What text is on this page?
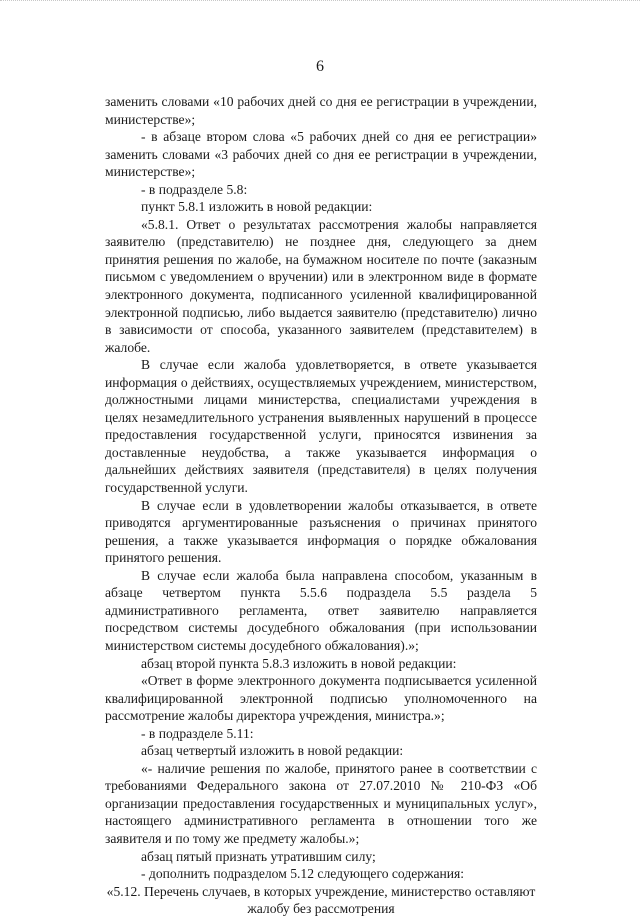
6

заменить словами «10 рабочих дней со дня ее регистрации в учреждении, министерстве»;

- в абзаце втором слова «5 рабочих дней со дня ее регистрации» заменить словами «3 рабочих дней со дня ее регистрации в учреждении, министерстве»;

- в подразделе 5.8:

пункт 5.8.1 изложить в новой редакции:

«5.8.1. Ответ о результатах рассмотрения жалобы направляется заявителю (представителю) не позднее дня, следующего за днем принятия решения по жалобе, на бумажном носителе по почте (заказным письмом с уведомлением о вручении) или в электронном виде в формате электронного документа, подписанного усиленной квалифицированной электронной подписью, либо выдается заявителю (представителю) лично в зависимости от способа, указанного заявителем (представителем) в жалобе.

В случае если жалоба удовлетворяется, в ответе указывается информация о действиях, осуществляемых учреждением, министерством, должностными лицами министерства, специалистами учреждения в целях незамедлительного устранения выявленных нарушений в процессе предоставления государственной услуги, приносятся извинения за доставленные неудобства, а также указывается информация о дальнейших действиях заявителя (представителя) в целях получения государственной услуги.

В случае если в удовлетворении жалобы отказывается, в ответе приводятся аргументированные разъяснения о причинах принятого решения, а также указывается информация о порядке обжалования принятого решения.

В случае если жалоба была направлена способом, указанным в абзаце четвертом пункта 5.5.6 подраздела 5.5 раздела 5 административного регламента, ответ заявителю направляется посредством системы досудебного обжалования (при использовании министерством системы досудебного обжалования).»;

абзац второй пункта 5.8.3 изложить в новой редакции:

«Ответ в форме электронного документа подписывается усиленной квалифицированной электронной подписью уполномоченного на рассмотрение жалобы директора учреждения, министра.»;

- в подразделе 5.11:

абзац четвертый изложить в новой редакции:

«- наличие решения по жалобе, принятого ранее в соответствии с требованиями Федерального закона от 27.07.2010 № 210-ФЗ «Об организации предоставления государственных и муниципальных услуг», настоящего административного регламента в отношении того же заявителя и по тому же предмету жалобы.»;

абзац пятый признать утратившим силу;

- дополнить подразделом 5.12 следующего содержания:

«5.12. Перечень случаев, в которых учреждение, министерство оставляют жалобу без рассмотрения
